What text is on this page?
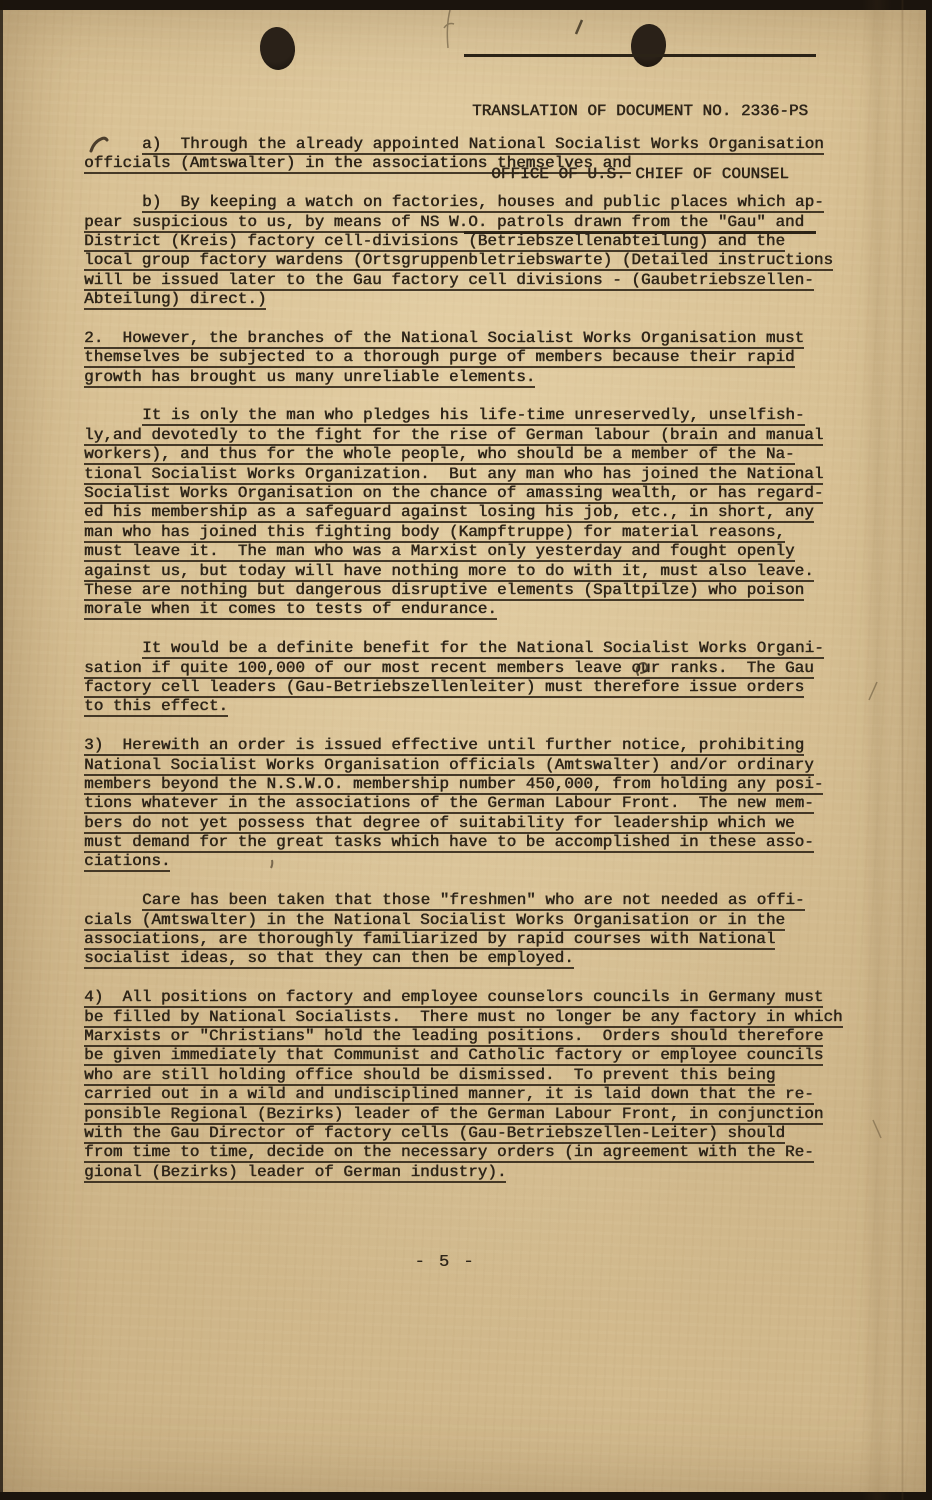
TRANSLATION OF DOCUMENT NO. 2336-PS

OFFICE OF U.S. CHIEF OF COUNSEL

a)  Through the already appointed National Socialist Works Organisation
officials (Amtswalter) in the associations themselves and
b)  By keeping a watch on factories, houses and public places which ap-
pear suspicious to us, by means of NS W.O. patrols drawn from the "Gau" and
District (Kreis) factory cell-divisions (Betriebszellenabteilung) and the
local group factory wardens (Ortsgruppenbletriebswarte) (Detailed instructions
will be issued later to the Gau factory cell divisions - (Gaubetriebszellen-
Abteilung) direct.)
2.  However, the branches of the National Socialist Works Organisation must
themselves be subjected to a thorough purge of members because their rapid
growth has brought us many unreliable elements.
It is only the man who pledges his life-time unreservedly, unselfish-
ly,and devotedly to the fight for the rise of German labour (brain and manual
workers), and thus for the whole people, who should be a member of the Na-
tional Socialist Works Organization.  But any man who has joined the National
Socialist Works Organisation on the chance of amassing wealth, or has regard-
ed his membership as a safeguard against losing his job, etc., in short, any
man who has joined this fighting body (Kampftruppe) for material reasons,
must leave it.  The man who was a Marxist only yesterday and fought openly
against us, but today will have nothing more to do with it, must also leave.
These are nothing but dangerous disruptive elements (Spaltpilze) who poison
morale when it comes to tests of endurance.
It would be a definite benefit for the National Socialist Works Organi-
sation if quite 100,000 of our most recent members leave our ranks.  The Gau
factory cell leaders (Gau-Betriebszellenleiter) must therefore issue orders
to this effect.
3)  Herewith an order is issued effective until further notice, prohibiting
National Socialist Works Organisation officials (Amtswalter) and/or ordinary
members beyond the N.S.W.O. membership number 450,000, from holding any posi-
tions whatever in the associations of the German Labour Front.  The new mem-
bers do not yet possess that degree of suitability for leadership which we
must demand for the great tasks which have to be accomplished in these asso-
ciations.
Care has been taken that those "freshmen" who are not needed as offi-
cials (Amtswalter) in the National Socialist Works Organisation or in the
associations, are thoroughly familiarized by rapid courses with National
socialist ideas, so that they can then be employed.
4)  All positions on factory and employee counselors councils in Germany must
be filled by National Socialists.  There must no longer be any factory in which
Marxists or "Christians" hold the leading positions.  Orders should therefore
be given immediately that Communist and Catholic factory or employee councils
who are still holding office should be dismissed.  To prevent this being
carried out in a wild and undisciplined manner, it is laid down that the re-
ponsible Regional (Bezirks) leader of the German Labour Front, in conjunction
with the Gau Director of factory cells (Gau-Betriebszellen-Leiter) should
from time to time, decide on the necessary orders (in agreement with the Re-
gional (Bezirks) leader of German industry).
- 5 -
